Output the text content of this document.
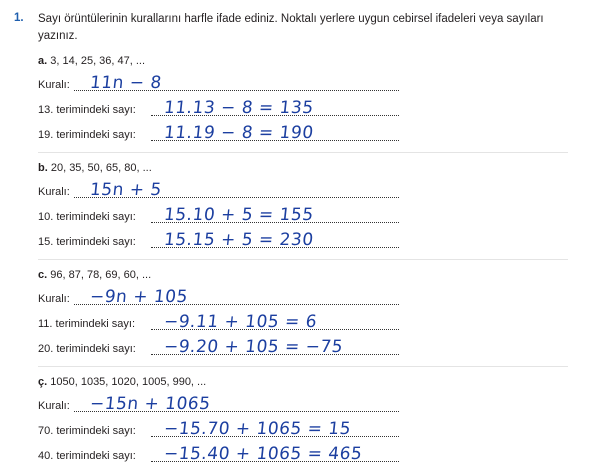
1. Sayı örüntülerinin kurallarını harfle ifade ediniz. Noktalı yerlere uygun cebirsel ifadeleri veya sayıları yazınız.
a. 3, 14, 25, 36, 47, ...
Kuralı: 11n − 8
13. terimindeki sayı: 11.13 − 8 = 135
19. terimindeki sayı: 11.19 − 8 = 190
b. 20, 35, 50, 65, 80, ...
Kuralı: 15n + 5
10. terimindeki sayı: 15.10 + 5 = 155
15. terimindeki sayı: 15.15 + 5 = 230
c. 96, 87, 78, 69, 60, ...
Kuralı: −9n + 105
11. terimindeki sayı: −9.11 + 105 = 6
20. terimindeki sayı: −9.20 + 105 = −75
ç. 1050, 1035, 1020, 1005, 990, ...
Kuralı: −15n + 1065
70. terimindeki sayı: −15.70 + 1065 = 15
40. terimindeki sayı: −15.40 + 1065 = 465
